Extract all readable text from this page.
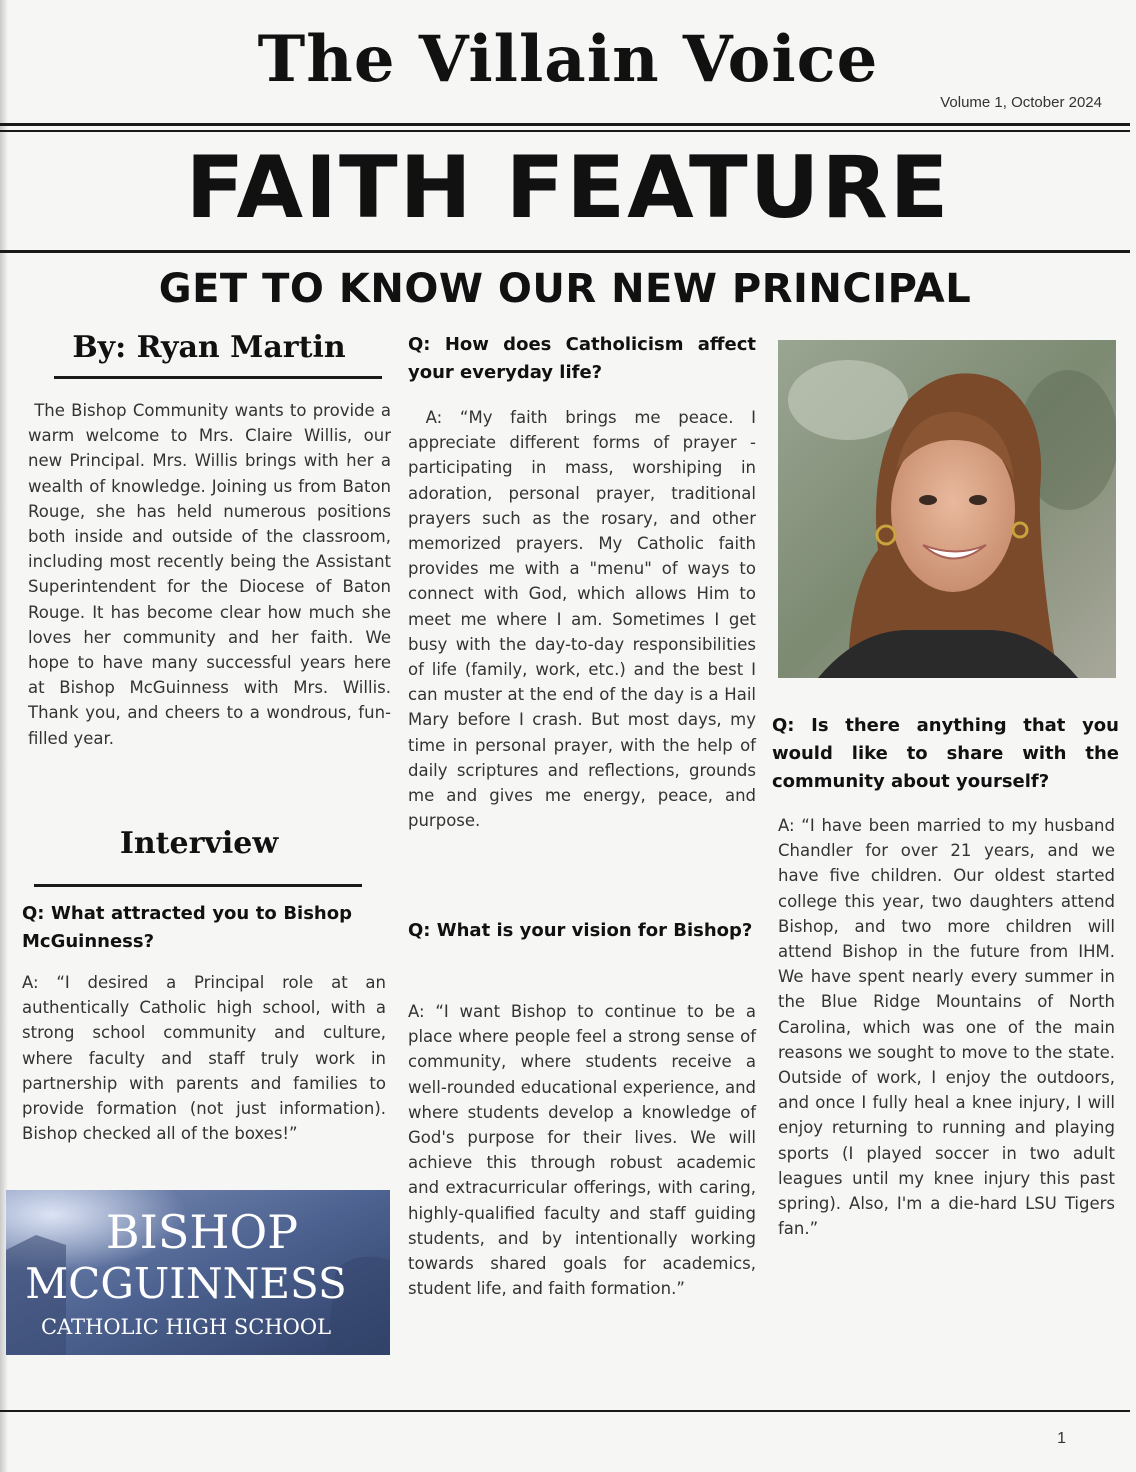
The Villain Voice
Volume 1, October 2024
FAITH FEATURE
GET TO KNOW OUR NEW PRINCIPAL
By: Ryan Martin
The Bishop Community wants to provide a warm welcome to Mrs. Claire Willis, our new Principal. Mrs. Willis brings with her a wealth of knowledge. Joining us from Baton Rouge, she has held numerous positions both inside and outside of the classroom, including most recently being the Assistant Superintendent for the Diocese of Baton Rouge. It has become clear how much she loves her community and her faith. We hope to have many successful years here at Bishop McGuinness with Mrs. Willis. Thank you, and cheers to a wondrous, fun-filled year.
Interview
Q: What attracted you to Bishop McGuinness?
A: “I desired a Principal role at an authentically Catholic high school, with a strong school community and culture, where faculty and staff truly work in partnership with parents and families to provide formation (not just information). Bishop checked all of the boxes!”
BISHOP
MCGUINNESS
CATHOLIC HIGH SCHOOL
Q: How does Catholicism affect your everyday life?
A: “My faith brings me peace. I appreciate different forms of prayer - participating in mass, worshiping in adoration, personal prayer, traditional prayers such as the rosary, and other memorized prayers. My Catholic faith provides me with a "menu" of ways to connect with God, which allows Him to meet me where I am. Sometimes I get busy with the day-to-day responsibilities of life (family, work, etc.) and the best I can muster at the end of the day is a Hail Mary before I crash. But most days, my time in personal prayer, with the help of daily scriptures and reflections, grounds me and gives me energy, peace, and purpose.
Q: What is your vision for Bishop?
A: “I want Bishop to continue to be a place where people feel a strong sense of community, where students receive a well-rounded educational experience, and where students develop a knowledge of God's purpose for their lives. We will achieve this through robust academic and extracurricular offerings, with caring, highly-qualified faculty and staff guiding students, and by intentionally working towards shared goals for academics, student life, and faith formation.”
Q: Is there anything that you would like to share with the community about yourself?
A: “I have been married to my husband Chandler for over 21 years, and we have five children. Our oldest started college this year, two daughters attend Bishop, and two more children will attend Bishop in the future from IHM. We have spent nearly every summer in the Blue Ridge Mountains of North Carolina, which was one of the main reasons we sought to move to the state. Outside of work, I enjoy the outdoors, and once I fully heal a knee injury, I will enjoy returning to running and playing sports (I played soccer in two adult leagues until my knee injury this past spring). Also, I'm a die-hard LSU Tigers fan.”
1
